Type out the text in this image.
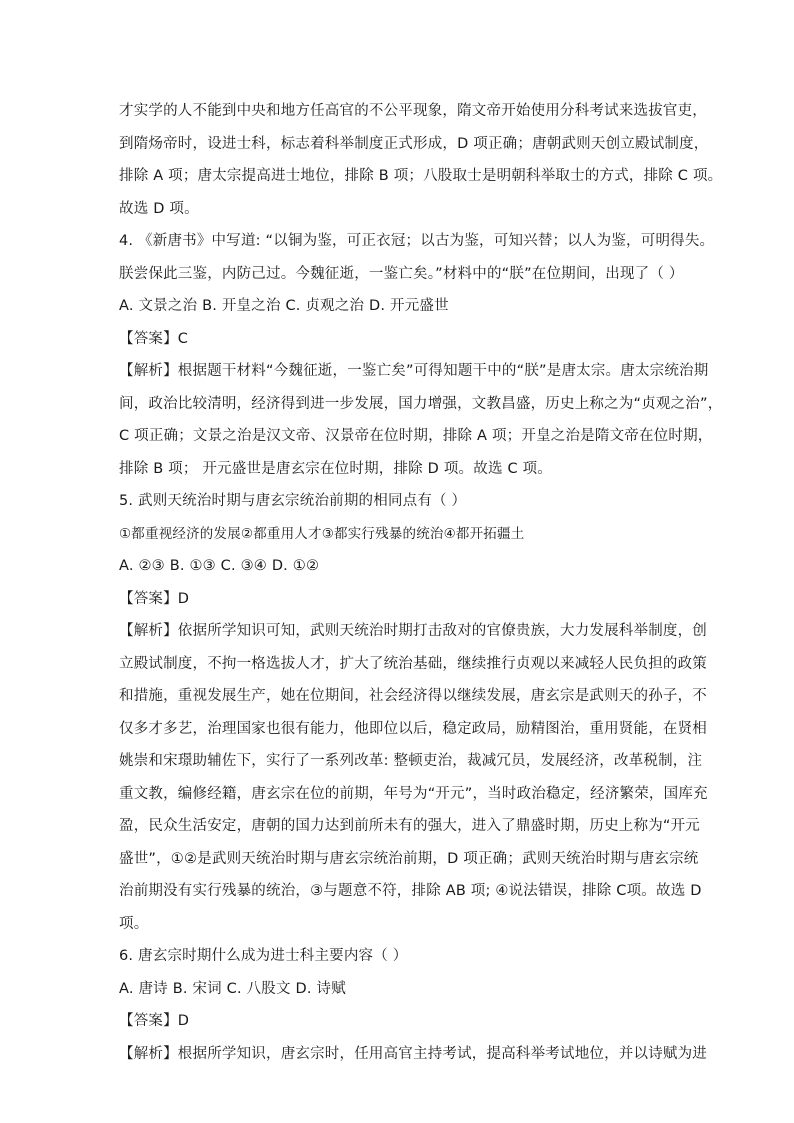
才实学的人不能到中央和地方任高官的不公平现象，隋文帝开始使用分科考试来选拔官吏，
到隋炀帝时，设进士科，标志着科举制度正式形成，D 项正确；唐朝武则天创立殿试制度，
排除 A 项；唐太宗提高进士地位，排除 B 项；八股取士是明朝科举取士的方式，排除 C 项。
故选 D 项。
4. 《新唐书》中写道: “以铜为鉴，可正衣冠；以古为鉴，可知兴替；以人为鉴，可明得失。
朕尝保此三鉴，内防己过。今魏征逝，一鉴亡矣。”材料中的“朕”在位期间，出现了（ ）
A. 文景之治 B. 开皇之治 C. 贞观之治 D. 开元盛世
【答案】C
【解析】根据题干材料“今魏征逝，一鉴亡矣”可得知题干中的“朕”是唐太宗。唐太宗统治期
间，政治比较清明，经济得到进一步发展，国力增强，文教昌盛，历史上称之为“贞观之治”，
C 项正确；文景之治是汉文帝、汉景帝在位时期，排除 A 项；开皇之治是隋文帝在位时期，
排除 B 项； 开元盛世是唐玄宗在位时期，排除 D 项。故选 C 项。
5. 武则天统治时期与唐玄宗统治前期的相同点有（ ）
①都重视经济的发展②都重用人才③都实行残暴的统治④都开拓疆土
A. ②③ B. ①③ C. ③④ D. ①②
【答案】D
【解析】依据所学知识可知，武则天统治时期打击敌对的官僚贵族，大力发展科举制度，创
立殿试制度，不拘一格选拔人才，扩大了统治基础，继续推行贞观以来减轻人民负担的政策
和措施，重视发展生产，她在位期间，社会经济得以继续发展，唐玄宗是武则天的孙子，不
仅多才多艺，治理国家也很有能力，他即位以后，稳定政局，励精图治，重用贤能，在贤相
姚崇和宋璟助辅佐下，实行了一系列改革: 整顿吏治，裁减冗员，发展经济，改革税制，注
重文教，编修经籍，唐玄宗在位的前期，年号为“开元”，当时政治稳定，经济繁荣，国库充
盈，民众生活安定，唐朝的国力达到前所未有的强大，进入了鼎盛时期，历史上称为“开元
盛世”，①②是武则天统治时期与唐玄宗统治前期，D 项正确；武则天统治时期与唐玄宗统
治前期没有实行残暴的统治，③与题意不符，排除 AB 项; ④说法错误，排除 C项。故选 D
项。
6. 唐玄宗时期什么成为进士科主要内容（ ）
A. 唐诗 B. 宋词 C. 八股文 D. 诗赋
【答案】D
【解析】根据所学知识，唐玄宗时，任用高官主持考试，提高科举考试地位，并以诗赋为进
